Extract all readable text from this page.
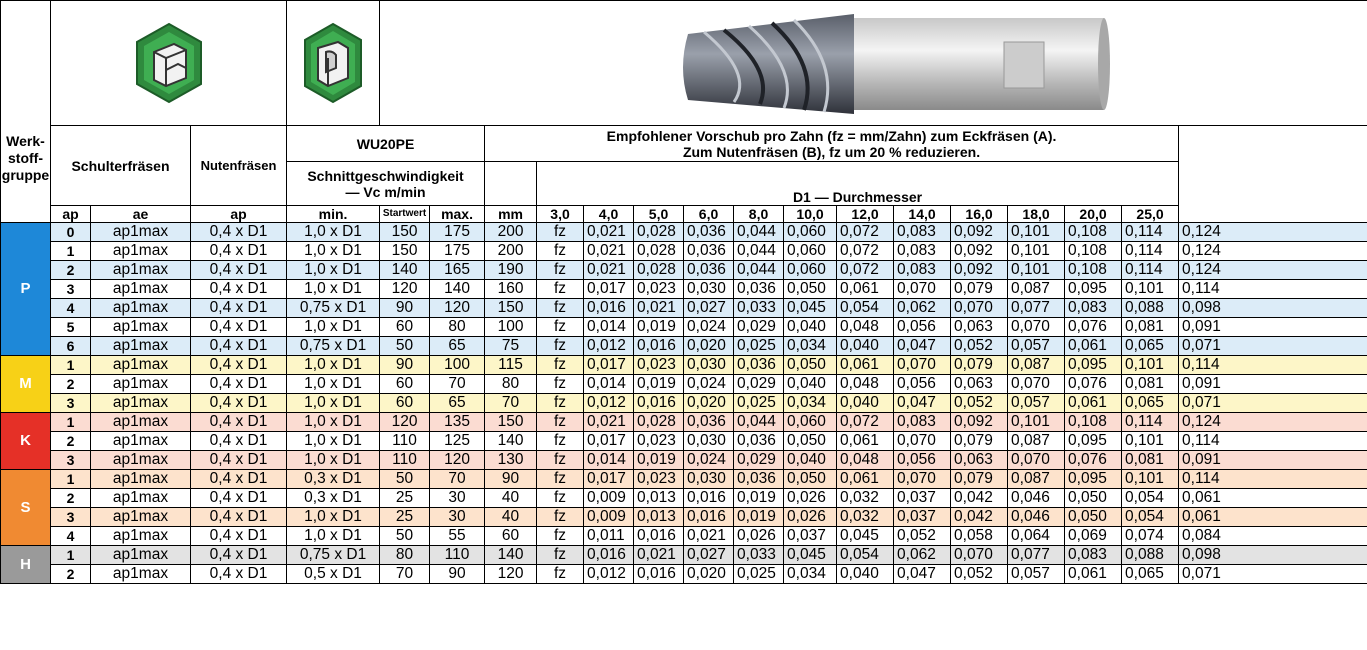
Werk-
stoff-
gruppe	

	Schulterfräsen		Nutenfräsen	WU20PE			Empfohlener Vorschub pro Zahn (fz = mm/Zahn) zum Eckfräsen (A).
Zum Nutenfräsen (B), fz um 20 % reduzieren.													

				Schnittgeschwindigkeit
— Vc m/min				D1 — Durchmesser												
	ap	ae	ap	min.	Startwert	max.	mm	3,0	4,0	5,0	6,0	8,0	10,0	12,0	14,0	16,0	18,0	20,0	25,0	
P	0	ap1max	0,4 x D1	1,0 x D1	150	175	200	fz	0,021	0,028	0,036	0,044	0,060	0,072	0,083	0,092	0,101	0,108	0,114	0,124
	1	ap1max	0,4 x D1	1,0 x D1	150	175	200	fz	0,021	0,028	0,036	0,044	0,060	0,072	0,083	0,092	0,101	0,108	0,114	0,124
	2	ap1max	0,4 x D1	1,0 x D1	140	165	190	fz	0,021	0,028	0,036	0,044	0,060	0,072	0,083	0,092	0,101	0,108	0,114	0,124
	3	ap1max	0,4 x D1	1,0 x D1	120	140	160	fz	0,017	0,023	0,030	0,036	0,050	0,061	0,070	0,079	0,087	0,095	0,101	0,114
	4	ap1max	0,4 x D1	0,75 x D1	90	120	150	fz	0,016	0,021	0,027	0,033	0,045	0,054	0,062	0,070	0,077	0,083	0,088	0,098
	5	ap1max	0,4 x D1	1,0 x D1	60	80	100	fz	0,014	0,019	0,024	0,029	0,040	0,048	0,056	0,063	0,070	0,076	0,081	0,091
	6	ap1max	0,4 x D1	0,75 x D1	50	65	75	fz	0,012	0,016	0,020	0,025	0,034	0,040	0,047	0,052	0,057	0,061	0,065	0,071
M	1	ap1max	0,4 x D1	1,0 x D1	90	100	115	fz	0,017	0,023	0,030	0,036	0,050	0,061	0,070	0,079	0,087	0,095	0,101	0,114
	2	ap1max	0,4 x D1	1,0 x D1	60	70	80	fz	0,014	0,019	0,024	0,029	0,040	0,048	0,056	0,063	0,070	0,076	0,081	0,091
	3	ap1max	0,4 x D1	1,0 x D1	60	65	70	fz	0,012	0,016	0,020	0,025	0,034	0,040	0,047	0,052	0,057	0,061	0,065	0,071
K	1	ap1max	0,4 x D1	1,0 x D1	120	135	150	fz	0,021	0,028	0,036	0,044	0,060	0,072	0,083	0,092	0,101	0,108	0,114	0,124
	2	ap1max	0,4 x D1	1,0 x D1	110	125	140	fz	0,017	0,023	0,030	0,036	0,050	0,061	0,070	0,079	0,087	0,095	0,101	0,114
	3	ap1max	0,4 x D1	1,0 x D1	110	120	130	fz	0,014	0,019	0,024	0,029	0,040	0,048	0,056	0,063	0,070	0,076	0,081	0,091
S	1	ap1max	0,4 x D1	0,3 x D1	50	70	90	fz	0,017	0,023	0,030	0,036	0,050	0,061	0,070	0,079	0,087	0,095	0,101	0,114
	2	ap1max	0,4 x D1	0,3 x D1	25	30	40	fz	0,009	0,013	0,016	0,019	0,026	0,032	0,037	0,042	0,046	0,050	0,054	0,061
	3	ap1max	0,4 x D1	1,0 x D1	25	30	40	fz	0,009	0,013	0,016	0,019	0,026	0,032	0,037	0,042	0,046	0,050	0,054	0,061
	4	ap1max	0,4 x D1	1,0 x D1	50	55	60	fz	0,011	0,016	0,021	0,026	0,037	0,045	0,052	0,058	0,064	0,069	0,074	0,084
H	1	ap1max	0,4 x D1	0,75 x D1	80	110	140	fz	0,016	0,021	0,027	0,033	0,045	0,054	0,062	0,070	0,077	0,083	0,088	0,098
	2	ap1max	0,4 x D1	0,5 x D1	70	90	120	fz	0,012	0,016	0,020	0,025	0,034	0,040	0,047	0,052	0,057	0,061	0,065	0,071
